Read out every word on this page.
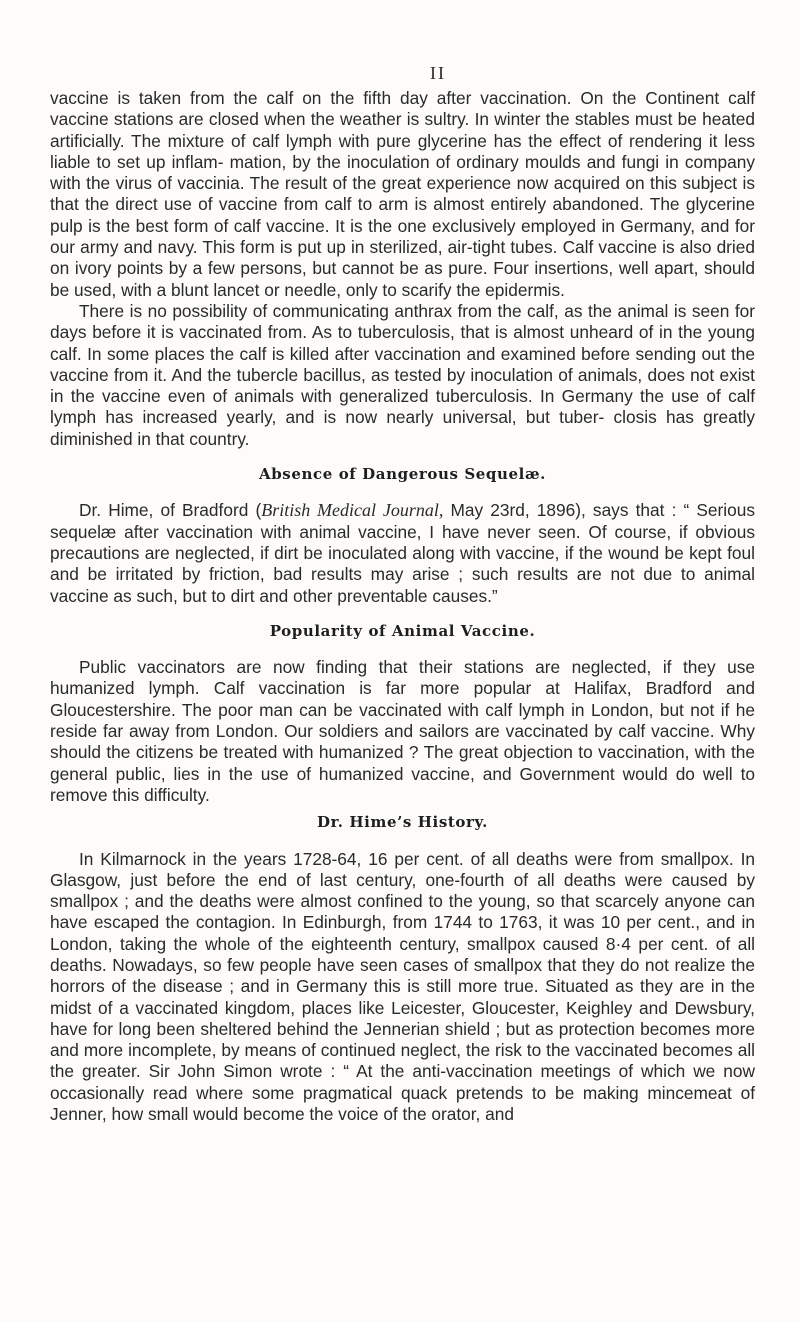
II

vaccine is taken from the calf on the fifth day after vaccination. On the Continent calf vaccine stations are closed when the weather is sultry. In winter the stables must be heated artificially. The mixture of calf lymph with pure glycerine has the effect of rendering it less liable to set up inflam- mation, by the inoculation of ordinary moulds and fungi in company with the virus of vaccinia. The result of the great experience now acquired on this subject is that the direct use of vaccine from calf to arm is almost entirely abandoned. The glycerine pulp is the best form of calf vaccine. It is the one exclusively employed in Germany, and for our army and navy. This form is put up in sterilized, air-tight tubes. Calf vaccine is also dried on ivory points by a few persons, but cannot be as pure. Four insertions, well apart, should be used, with a blunt lancet or needle, only to scarify the epidermis.

There is no possibility of communicating anthrax from the calf, as the animal is seen for days before it is vaccinated from. As to tuberculosis, that is almost unheard of in the young calf. In some places the calf is killed after vaccination and examined before sending out the vaccine from it. And the tubercle bacillus, as tested by inoculation of animals, does not exist in the vaccine even of animals with generalized tuberculosis. In Germany the use of calf lymph has increased yearly, and is now nearly universal, but tuber- closis has greatly diminished in that country.

Absence of Dangerous Sequelæ.

Dr. Hime, of Bradford (British Medical Journal, May 23rd, 1896), says that : “ Serious sequelæ after vaccination with animal vaccine, I have never seen. Of course, if obvious precautions are neglected, if dirt be inoculated along with vaccine, if the wound be kept foul and be irritated by friction, bad results may arise ; such results are not due to animal vaccine as such, but to dirt and other preventable causes.”

Popularity of Animal Vaccine.

Public vaccinators are now finding that their stations are neglected, if they use humanized lymph. Calf vaccination is far more popular at Halifax, Bradford and Gloucestershire. The poor man can be vaccinated with calf lymph in London, but not if he reside far away from London. Our soldiers and sailors are vaccinated by calf vaccine. Why should the citizens be treated with humanized ? The great objection to vaccination, with the general public, lies in the use of humanized vaccine, and Government would do well to remove this difficulty.

Dr. Hime’s History.

In Kilmarnock in the years 1728-64, 16 per cent. of all deaths were from smallpox. In Glasgow, just before the end of last century, one-fourth of all deaths were caused by smallpox ; and the deaths were almost confined to the young, so that scarcely anyone can have escaped the contagion. In Edinburgh, from 1744 to 1763, it was 10 per cent., and in London, taking the whole of the eighteenth century, smallpox caused 8·4 per cent. of all deaths. Nowadays, so few people have seen cases of smallpox that they do not realize the horrors of the disease ; and in Germany this is still more true. Situated as they are in the midst of a vaccinated kingdom, places like Leicester, Gloucester, Keighley and Dewsbury, have for long been sheltered behind the Jennerian shield ; but as protection becomes more and more incomplete, by means of continued neglect, the risk to the vaccinated becomes all the greater. Sir John Simon wrote : “ At the anti-vaccination meetings of which we now occasionally read where some pragmatical quack pretends to be making mincemeat of Jenner, how small would become the voice of the orator, and
